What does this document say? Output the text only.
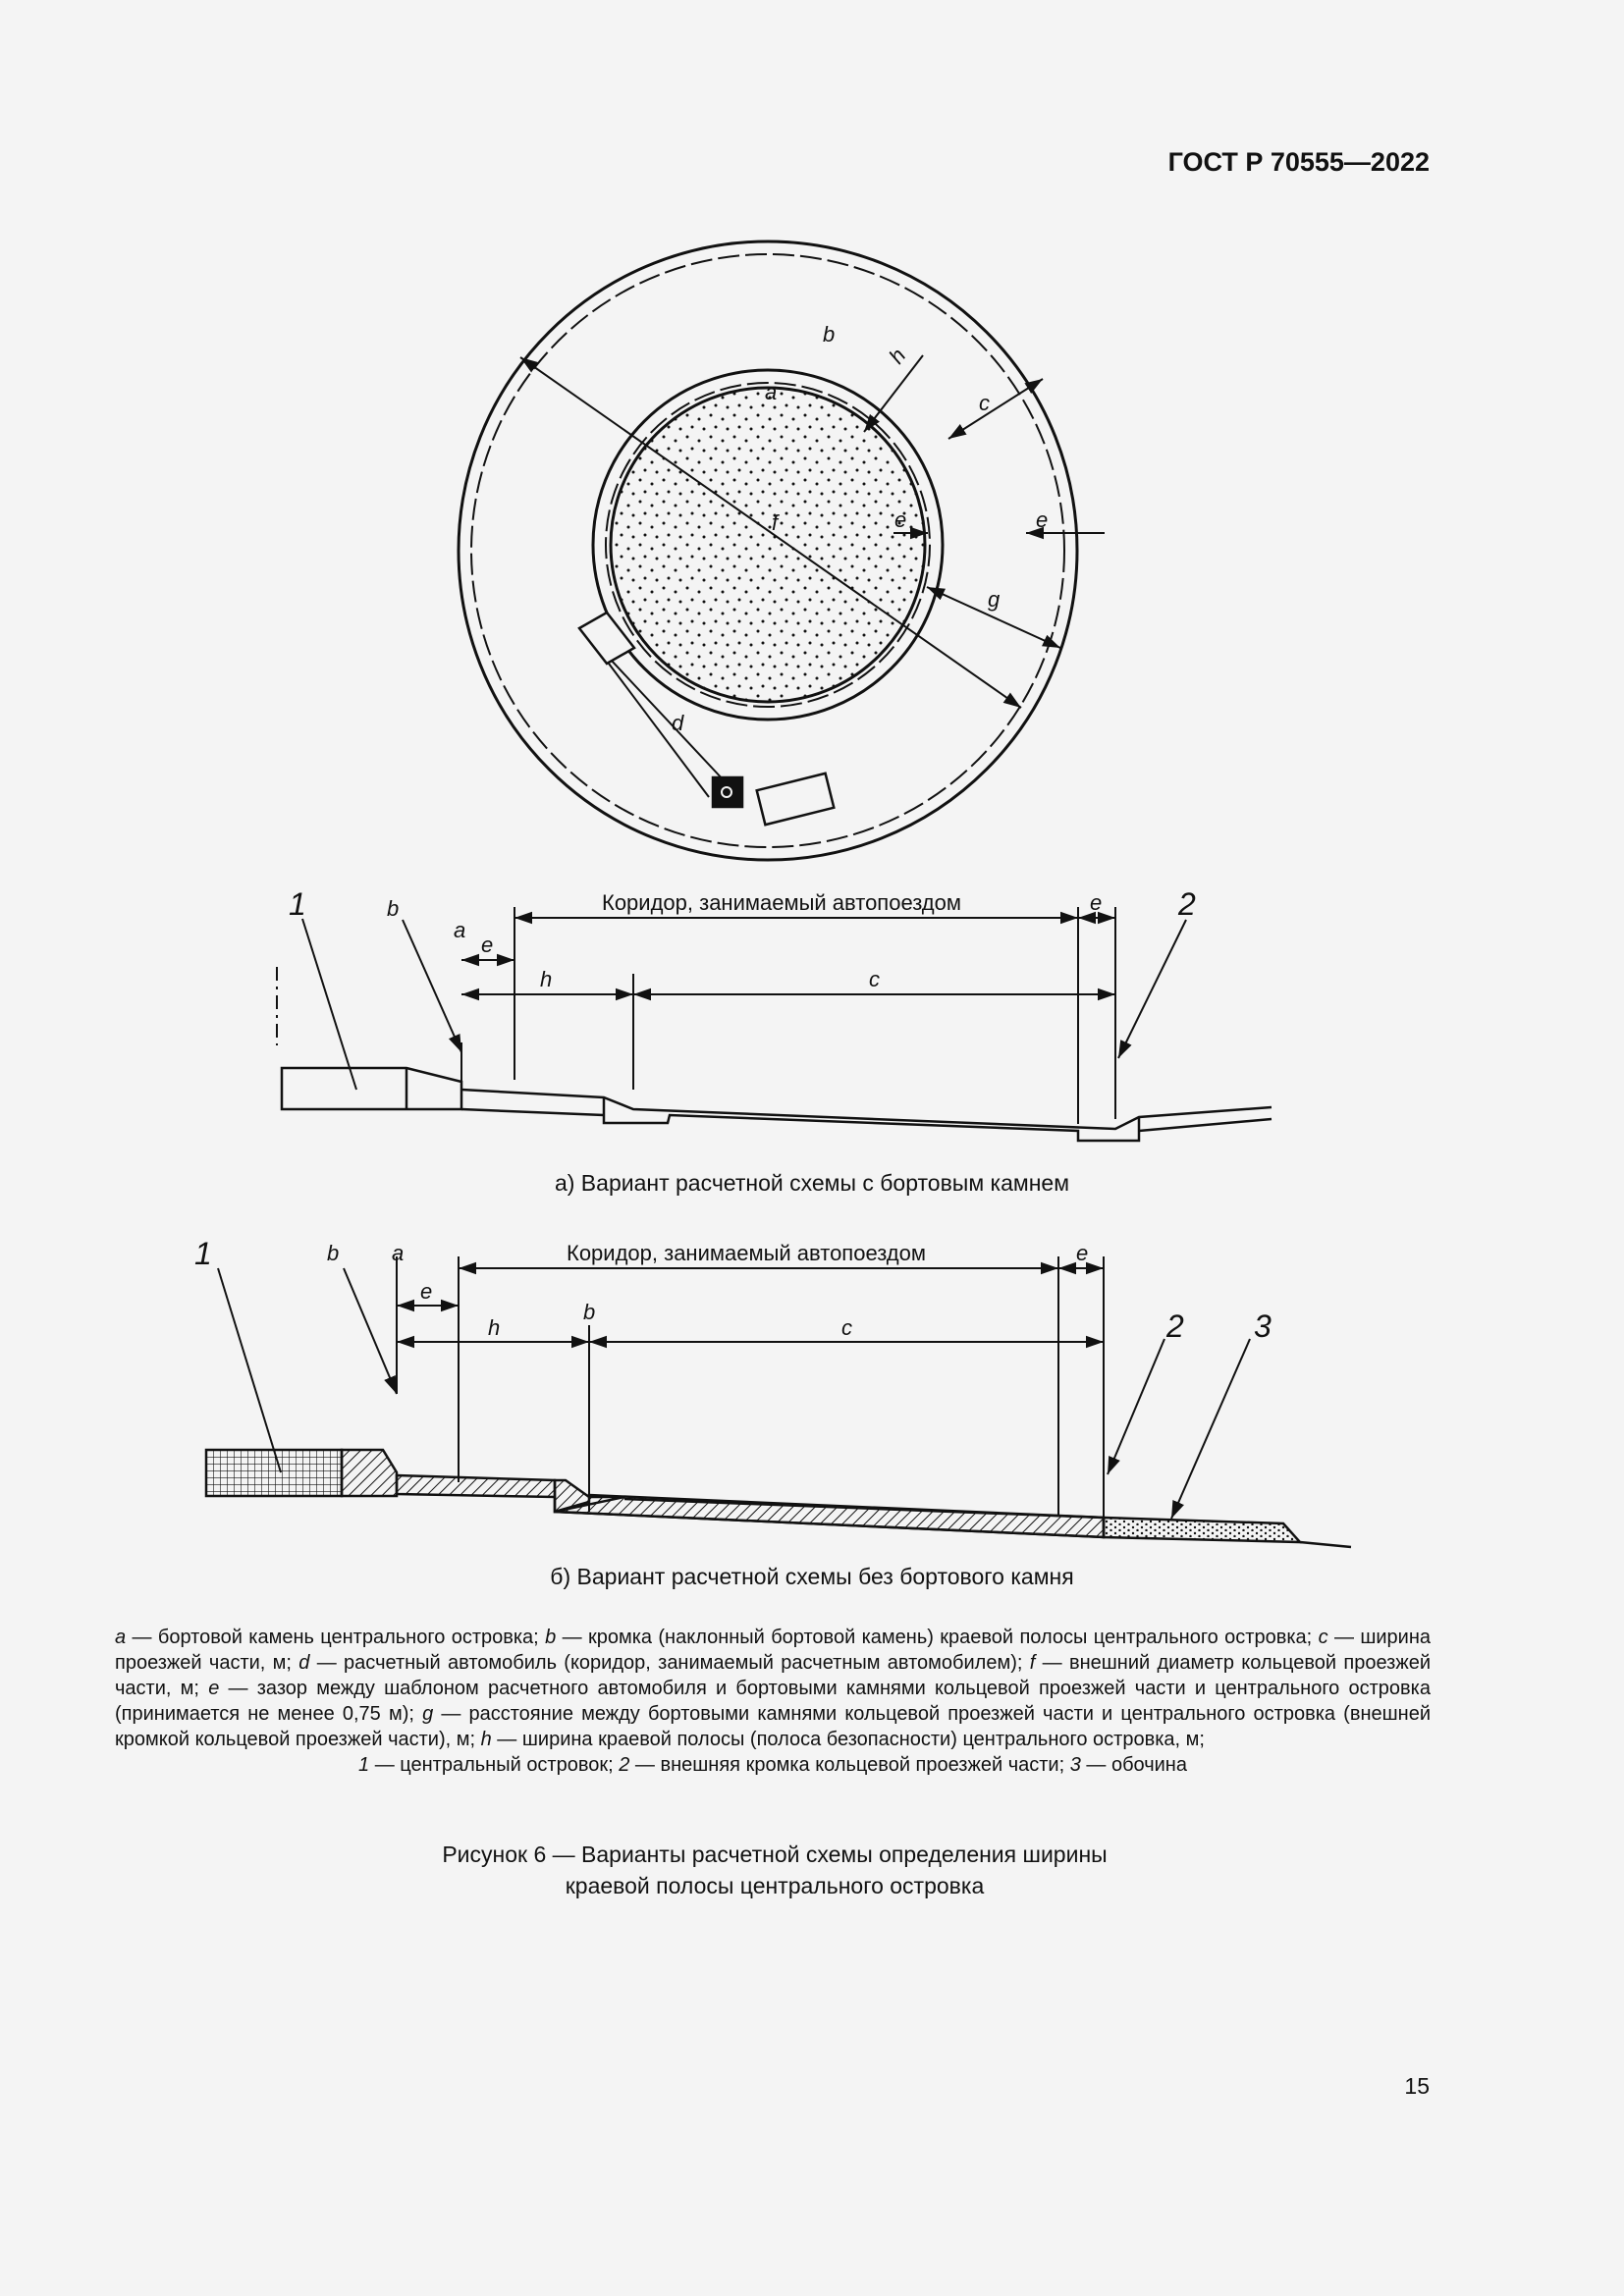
ГОСТ Р 70555—2022
a
b
h
c
e	e
f
g
d
Коридор, занимаемый автопоездом
1	2
b
a
e
e
h	c
Коридор, занимаемый автопоездом
1
2 3
b a
e
e
h
b
c
а) Вариант расчетной схемы с бортовым камнем
б) Вариант расчетной схемы без бортового камня
a — бортовой камень центрального островка; b — кромка (наклонный бортовой камень) краевой полосы центрального островка; c — ширина проезжей части, м; d — расчетный автомобиль (коридор, занимаемый расчетным автомобилем); f — внешний диаметр кольцевой проезжей части, м; e — зазор между шаблоном расчетного автомобиля и бортовыми камнями кольцевой проезжей части и центрального островка (принимается не менее 0,75 м); g — расстояние между бортовыми камнями кольцевой проезжей части и центрального островка (внешней кромкой кольцевой проезжей части), м; h — ширина краевой полосы (полоса безопасности) центрального островка, м;
1 — центральный островок; 2 — внешняя кромка кольцевой проезжей части; 3 — обочина
Рисунок 6 — Варианты расчетной схемы определения ширины
краевой полосы центрального островка
15
